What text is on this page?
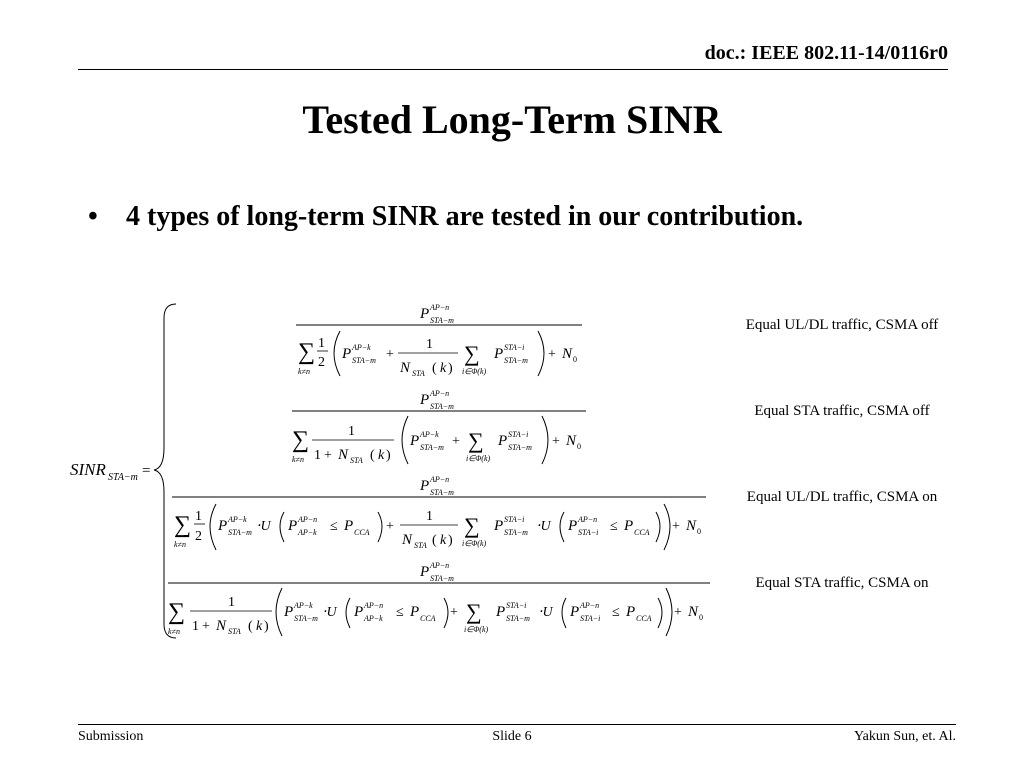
doc.: IEEE 802.11-14/0116r0
Tested Long-Term SINR
• 4 types of long-term SINR are tested in our contribution.
SINR STA−m =
P AP−n
STA−m
∑
k≠n
1
2
P AP−k
STA−m +
1
N STA ( k )
∑
i∈Φ(k)
P STA−i
STA−m + N 0
P AP−n
STA−m
∑
k≠n
1
1 + N STA ( k )
P AP−k
STA−m + ∑
i∈Φ(k)
P STA−i
STA−m + N 0
P AP−n
STA−m
∑
k≠n
1
2
P AP−k
STA−m ⋅U P AP−n
AP−k ≤ P CCA +
1
N STA ( k )
∑
i∈Φ(k)
P STA−i
STA−m ⋅U P AP−n
STA−i ≤ P CCA + N 0
P AP−n
STA−m
∑
k≠n
1
1 + N STA ( k )
P AP−k
STA−m ⋅U P AP−n
AP−k ≤ P CCA + ∑
i∈Φ(k)
P STA−i
STA−m ⋅U P AP−n
STA−i ≤ P CCA + N 0
Equal UL/DL traffic, CSMA off
Equal STA traffic, CSMA off
Equal UL/DL traffic, CSMA on
Equal STA traffic, CSMA on
Submission	Slide 6	Yakun Sun, et. Al.
